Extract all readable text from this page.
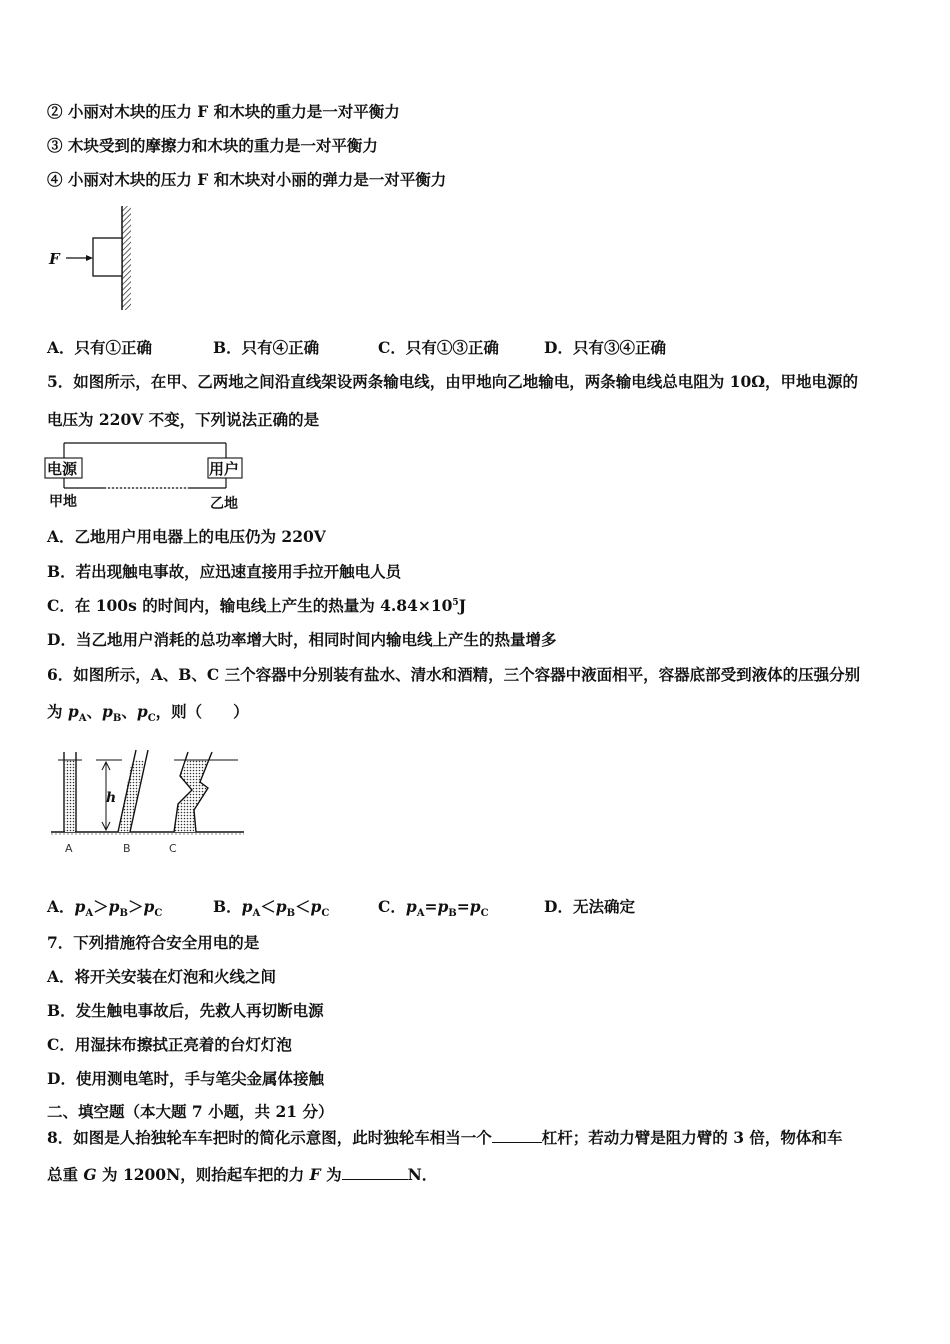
② 小丽对木块的压力 F 和木块的重力是一对平衡力
③ 木块受到的摩擦力和木块的重力是一对平衡力
④ 小丽对木块的压力 F 和木块对小丽的弹力是一对平衡力
F
A．只有①正确	B．只有④正确	C．只有①③正确	D．只有③④正确
5．如图所示，在甲、乙两地之间沿直线架设两条输电线，由甲地向乙地输电，两条输电线总电阻为 10Ω，甲地电源的
电压为 220V 不变，下列说法正确的是
电源	用户
甲地	乙地
A．乙地用户用电器上的电压仍为 220V
B．若出现触电事故，应迅速直接用手拉开触电人员
C．在 100s 的时间内，输电线上产生的热量为 $4.84\times 10^5J$
D．当乙地用户消耗的总功率增大时，相同时间内输电线上产生的热量增多
6．如图所示，A、B、C 三个容器中分别装有盐水、清水和酒精，三个容器中液面相平，容器底部受到液体的压强分别
为 $p_A$、$p_B$、$p_C$，则（　　）
h
A	B	C
A．$p_A>p_B>p_C$	B．$p_A<p_B<p_C$	C．$p_A=p_B=p_C$	D．无法确定
7．下列措施符合安全用电的是
A．将开关安装在灯泡和火线之间
B．发生触电事故后，先救人再切断电源
C．用湿抹布擦拭正亮着的台灯灯泡
D．使用测电笔时，手与笔尖金属体接触
二、填空题（本大题 7 小题，共 21 分）
8．如图是人抬独轮车车把时的简化示意图，此时独轮车相当一个	杠杆；若动力臂是阻力臂的 3 倍，物体和车
总重 G 为 1200N，则抬起车把的力 F 为	N．
